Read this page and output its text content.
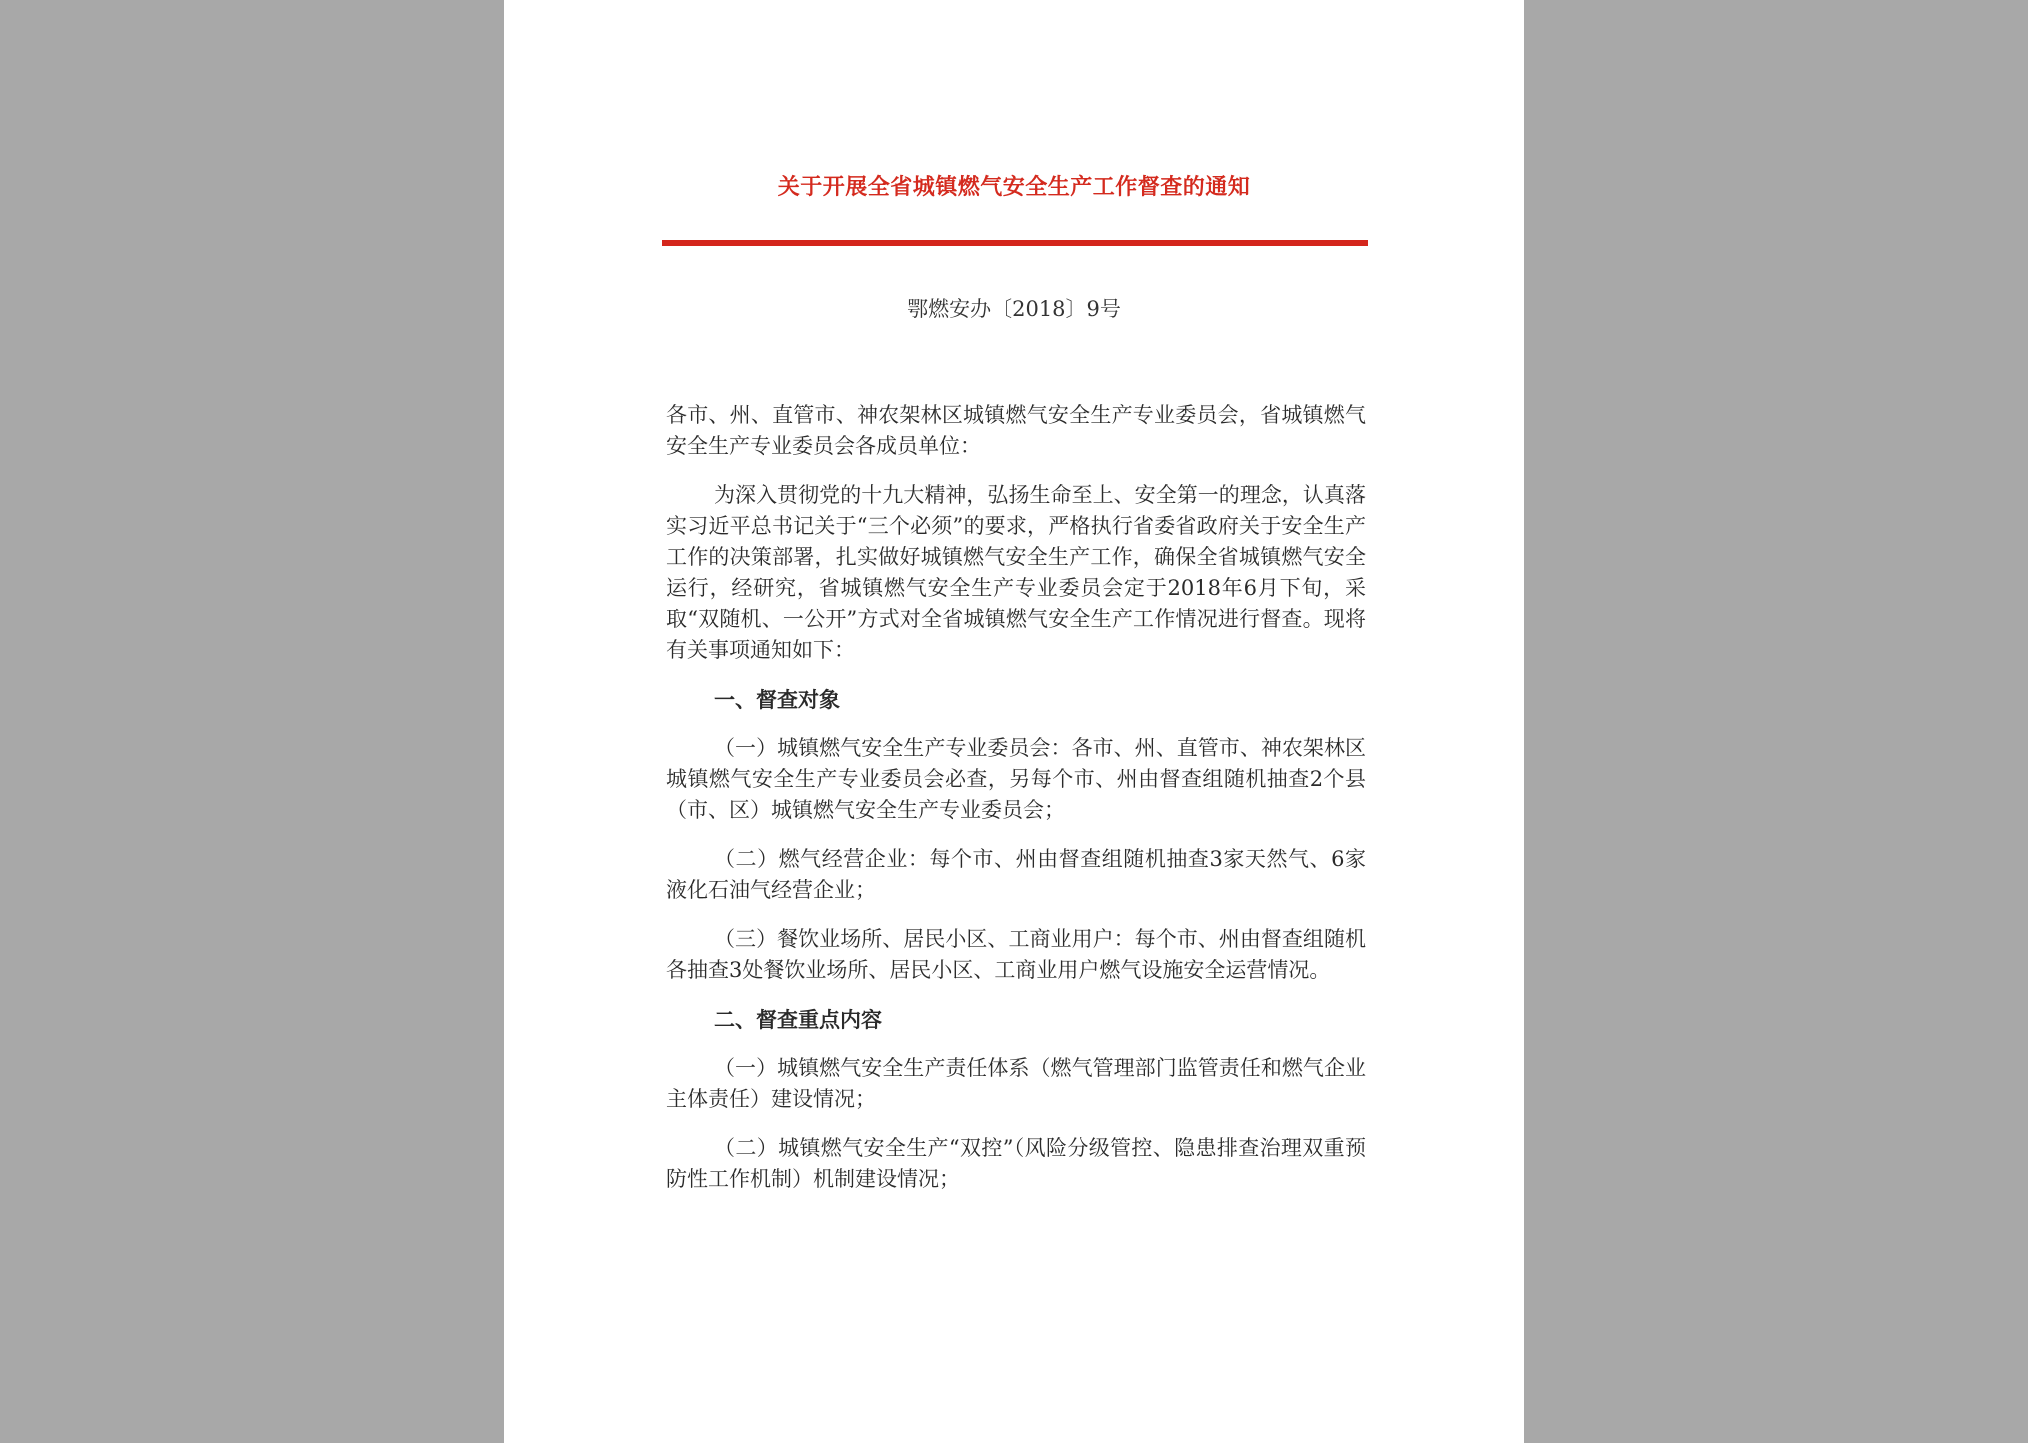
关于开展全省城镇燃气安全生产工作督查的通知
鄂燃安办〔2018〕9号

各市、州、直管市、神农架林区城镇燃气安全生产专业委员会，省城镇燃气安全生产专业委员会各成员单位：

为深入贯彻党的十九大精神，弘扬生命至上、安全第一的理念，认真落实习近平总书记关于“三个必须”的要求，严格执行省委省政府关于安全生产工作的决策部署，扎实做好城镇燃气安全生产工作，确保全省城镇燃气安全运行，经研究，省城镇燃气安全生产专业委员会定于2018年6月下旬，采取“双随机、一公开”方式对全省城镇燃气安全生产工作情况进行督查。现将有关事项通知如下：

一、督查对象

（一）城镇燃气安全生产专业委员会：各市、州、直管市、神农架林区城镇燃气安全生产专业委员会必查，另每个市、州由督查组随机抽查2个县（市、区）城镇燃气安全生产专业委员会；

（二）燃气经营企业：每个市、州由督查组随机抽查3家天然气、6家液化石油气经营企业；

（三）餐饮业场所、居民小区、工商业用户：每个市、州由督查组随机各抽查3处餐饮业场所、居民小区、工商业用户燃气设施安全运营情况。

二、督查重点内容

（一）城镇燃气安全生产责任体系（燃气管理部门监管责任和燃气企业主体责任）建设情况；

（二）城镇燃气安全生产“双控”（风险分级管控、隐患排查治理双重预防性工作机制）机制建设情况；
